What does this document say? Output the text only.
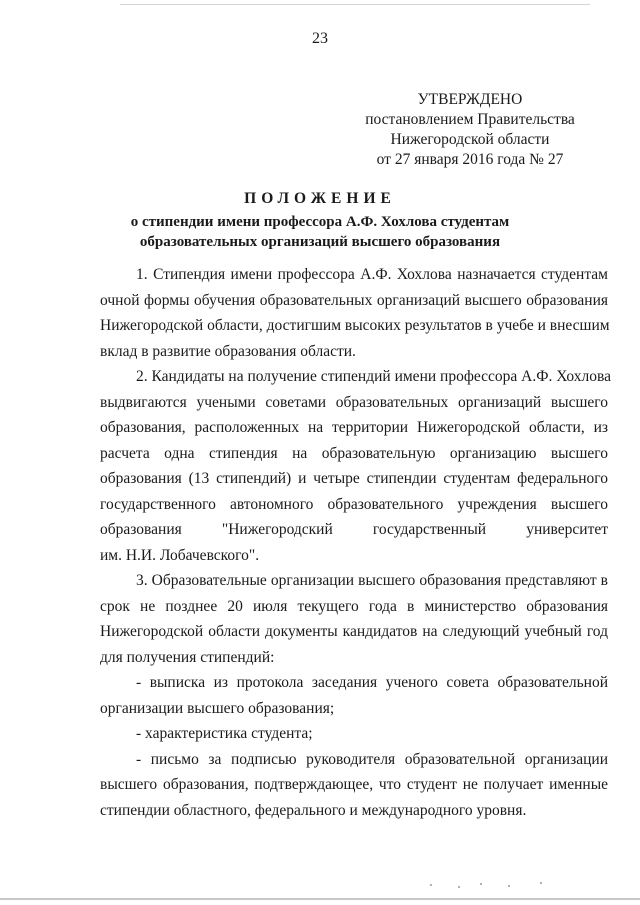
23
УТВЕРЖДЕНО
постановлением Правительства
Нижегородской области
от 27 января 2016 года № 27
ПОЛОЖЕНИЕ
о стипендии имени профессора А.Ф. Хохлова студентам
образовательных организаций высшего образования
1. Стипендия имени профессора А.Ф. Хохлова назначается студентам
очной формы обучения образовательных организаций высшего образования
Нижегородской области, достигшим высоких результатов в учебе и внесшим
вклад в развитие образования области.
2. Кандидаты на получение стипендий имени профессора А.Ф. Хохлова
выдвигаются учеными советами образовательных организаций высшего
образования, расположенных на территории Нижегородской области, из
расчета одна стипендия на образовательную организацию высшего
образования (13 стипендий) и четыре стипендии студентам федерального
государственного автономного образовательного учреждения высшего
образования "Нижегородский государственный университет
им. Н.И. Лобачевского".
3. Образовательные организации высшего образования представляют в
срок не позднее 20 июля текущего года в министерство образования
Нижегородской области документы кандидатов на следующий учебный год
для получения стипендий:
- выписка из протокола заседания ученого совета образовательной
организации высшего образования;
- характеристика студента;
- письмо за подписью руководителя образовательной организации
высшего образования, подтверждающее, что студент не получает именные
стипендии областного, федерального и международного уровня.
